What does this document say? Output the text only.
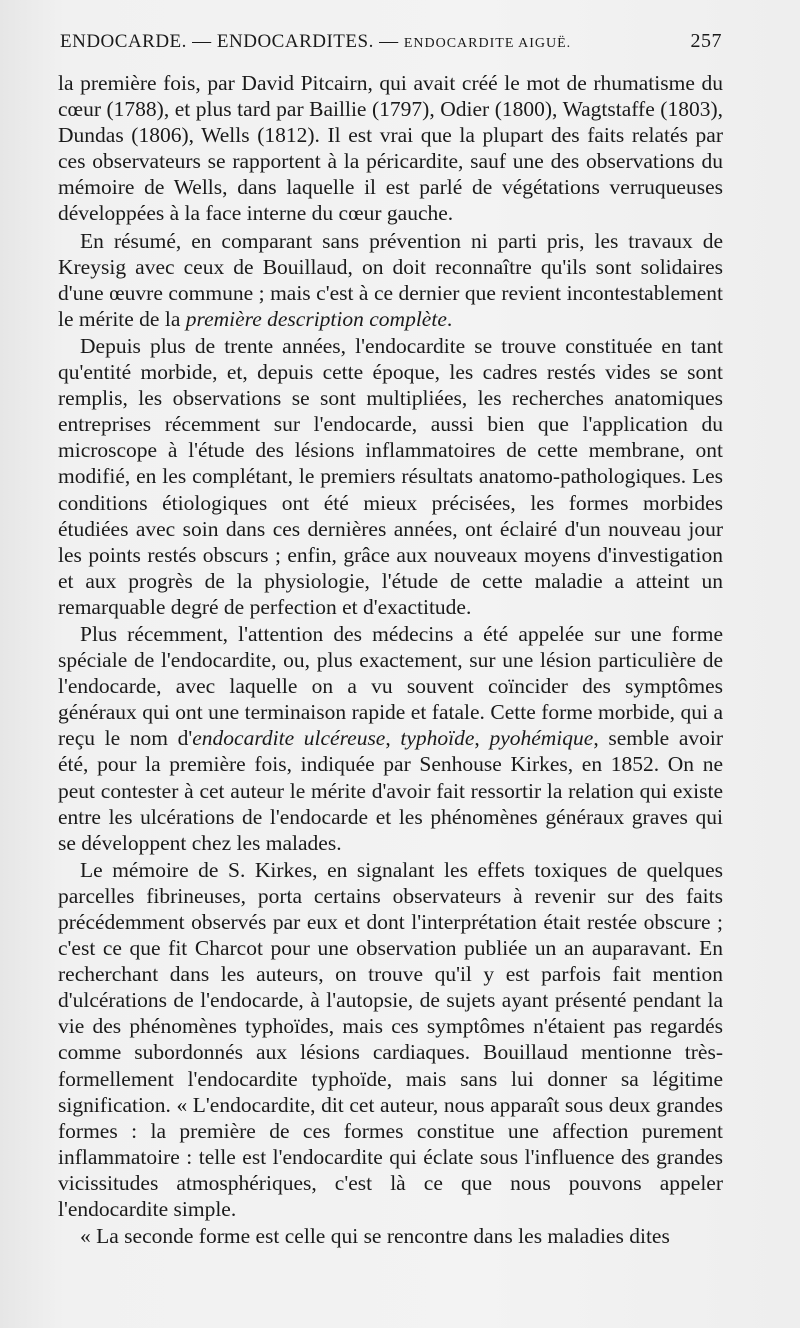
ENDOCARDE. — ENDOCARDITES. — ENDOCARDITE AIGUË.	257

la première fois, par David Pitcairn, qui avait créé le mot de rhumatisme du cœur (1788), et plus tard par Baillie (1797), Odier (1800), Wagtstaffe (1803), Dundas (1806), Wells (1812). Il est vrai que la plupart des faits relatés par ces observateurs se rapportent à la péricardite, sauf une des observations du mémoire de Wells, dans laquelle il est parlé de végétations verruqueuses développées à la face interne du cœur gauche.

En résumé, en comparant sans prévention ni parti pris, les travaux de Kreysig avec ceux de Bouillaud, on doit reconnaître qu'ils sont solidaires d'une œuvre commune ; mais c'est à ce dernier que revient incontestablement le mérite de la première description complète.

Depuis plus de trente années, l'endocardite se trouve constituée en tant qu'entité morbide, et, depuis cette époque, les cadres restés vides se sont remplis, les observations se sont multipliées, les recherches anatomiques entreprises récemment sur l'endocarde, aussi bien que l'application du microscope à l'étude des lésions inflammatoires de cette membrane, ont modifié, en les complétant, le premiers résultats anatomo-pathologiques. Les conditions étiologiques ont été mieux précisées, les formes morbides étudiées avec soin dans ces dernières années, ont éclairé d'un nouveau jour les points restés obscurs ; enfin, grâce aux nouveaux moyens d'investigation et aux progrès de la physiologie, l'étude de cette maladie a atteint un remarquable degré de perfection et d'exactitude.

Plus récemment, l'attention des médecins a été appelée sur une forme spéciale de l'endocardite, ou, plus exactement, sur une lésion particulière de l'endocarde, avec laquelle on a vu souvent coïncider des symptômes généraux qui ont une terminaison rapide et fatale. Cette forme morbide, qui a reçu le nom d'endocardite ulcéreuse, typhoïde, pyohémique, semble avoir été, pour la première fois, indiquée par Senhouse Kirkes, en 1852. On ne peut contester à cet auteur le mérite d'avoir fait ressortir la relation qui existe entre les ulcérations de l'endocarde et les phénomènes généraux graves qui se développent chez les malades.

Le mémoire de S. Kirkes, en signalant les effets toxiques de quelques parcelles fibrineuses, porta certains observateurs à revenir sur des faits précédemment observés par eux et dont l'interprétation était restée obscure ; c'est ce que fit Charcot pour une observation publiée un an auparavant. En recherchant dans les auteurs, on trouve qu'il y est parfois fait mention d'ulcérations de l'endocarde, à l'autopsie, de sujets ayant présenté pendant la vie des phénomènes typhoïdes, mais ces symptômes n'étaient pas regardés comme subordonnés aux lésions cardiaques. Bouillaud mentionne très-formellement l'endocardite typhoïde, mais sans lui donner sa légitime signification. « L'endocardite, dit cet auteur, nous apparaît sous deux grandes formes : la première de ces formes constitue une affection purement inflammatoire : telle est l'endocardite qui éclate sous l'influence des grandes vicissitudes atmosphériques, c'est là ce que nous pouvons appeler l'endocardite simple.

« La seconde forme est celle qui se rencontre dans les maladies dites
